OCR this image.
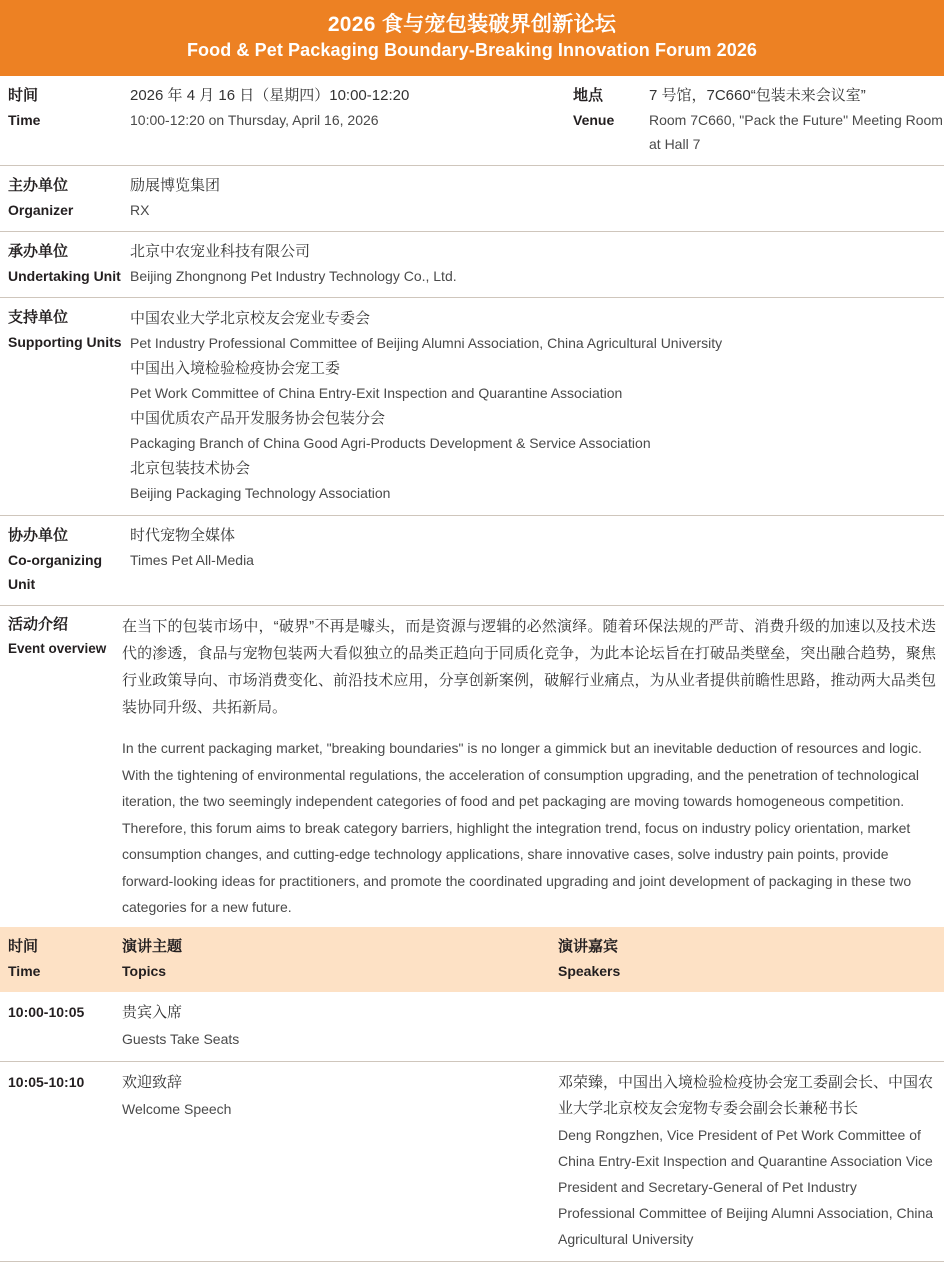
2026 食与宠包装破界创新论坛
Food & Pet Packaging Boundary-Breaking Innovation Forum 2026
时间
Time
2026 年 4 月 16 日（星期四）10:00-12:20
10:00-12:20 on Thursday, April 16, 2026
地点
Venue
7 号馆，7C660“包装未来会议室”
Room 7C660, "Pack the Future" Meeting Room at Hall 7
主办单位
Organizer
励展博览集团
RX
承办单位
Undertaking Unit
北京中农宠业科技有限公司
Beijing Zhongnong Pet Industry Technology Co., Ltd.
支持单位
Supporting Units
中国农业大学北京校友会宠业专委会
Pet Industry Professional Committee of Beijing Alumni Association, China Agricultural University
中国出入境检验检疫协会宠工委
Pet Work Committee of China Entry-Exit Inspection and Quarantine Association
中国优质农产品开发服务协会包装分会
Packaging Branch of China Good Agri-Products Development & Service Association
北京包装技术协会
Beijing Packaging Technology Association
协办单位
Co-organizing Unit
时代宠物全媒体
Times Pet All-Media
活动介绍
Event overview

在当下的包装市场中，“破界”不再是噱头，而是资源与逻辑的必然演绎。随着环保法规的严苛、消费升级的加速以及技术迭代的渗透，食品与宠物包装两大看似独立的品类正趋向于同质化竞争，为此本论坛旨在打破品类壁垒，突出融合趋势，聚焦行业政策导向、市场消费变化、前沿技术应用，分享创新案例，破解行业痛点，为从业者提供前瞻性思路，推动两大品类包装协同升级、共拓新局。

In the current packaging market, "breaking boundaries" is no longer a gimmick but an inevitable deduction of resources and logic. With the tightening of environmental regulations, the acceleration of consumption upgrading, and the penetration of technological iteration, the two seemingly independent categories of food and pet packaging are moving towards homogeneous competition. Therefore, this forum aims to break category barriers, highlight the integration trend, focus on industry policy orientation, market consumption changes, and cutting-edge technology applications, share innovative cases, solve industry pain points, provide forward-looking ideas for practitioners, and promote the coordinated upgrading and joint development of packaging in these two categories for a new future.

时间
Time
演讲主题
Topics
演讲嘉宾
Speakers
10:00-10:05	贵宾入席
Guests Take Seats
10:05-10:10	欢迎致辞
Welcome Speech
邓荣臻，中国出入境检验检疫协会宠工委副会长、中国农业大学北京校友会宠物专委会副会长兼秘书长
Deng Rongzhen, Vice President of Pet Work Committee of China Entry-Exit Inspection and Quarantine Association Vice President and Secretary-General of Pet Industry Professional Committee of Beijing Alumni Association, China Agricultural University
